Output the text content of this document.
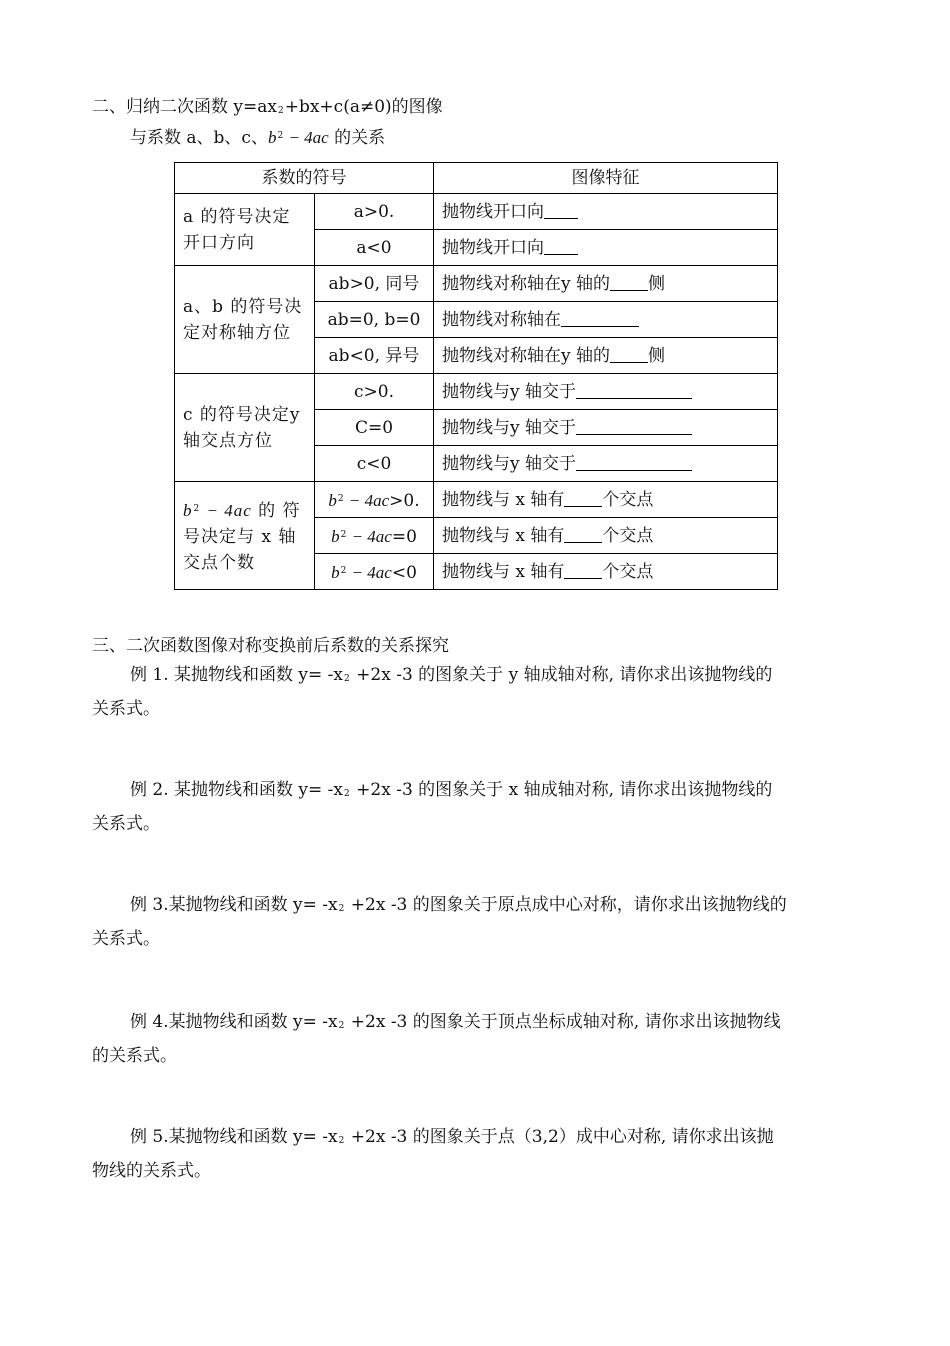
二、归纳二次函数 $y=ax_2+bx+c(a\ne 0)$的图像
与系数 a、b、c、$b^2 - 4ac$ 的关系
系数的符号		图像特征
a 的符号决定开口方向	a>0.	抛物线开口向
	a<0	抛物线开口向
a、b 的符号决定对称轴方位	ab>0, 同号	抛物线对称轴在y 轴的 侧
	ab=0, b=0	抛物线对称轴在
	ab<0, 异号	抛物线对称轴在y 轴的 侧
c 的符号决定y 轴交点方位	c>0.	抛物线与y 轴交于
	C=0	抛物线与y 轴交于
	c<0	抛物线与y 轴交于
$b^2 - 4ac$ 的 符号决定与 x 轴交点个数	$b^2 - 4ac>0$.	抛物线与 x 轴有 个交点
	$b^2 - 4ac=0$	抛物线与 x 轴有 个交点
	$b^2 - 4ac<0$	抛物线与 x 轴有 个交点
三、二次函数图像对称变换前后系数的关系探究
例 1. 某抛物线和函数 $y= -x_2 +2x$ -3 的图象关于 y 轴成轴对称, 请你求出该抛物线的
关系式。
例 2. 某抛物线和函数 $y= -x_2 +2x$ -3 的图象关于 x 轴成轴对称, 请你求出该抛物线的
关系式。
例 3.某抛物线和函数 $y= -x_2 +2x$ -3 的图象关于原点成中心对称，请你求出该抛物线的
关系式。
例 4.某抛物线和函数 $y= -x_2 +2x$ -3 的图象关于顶点坐标成轴对称, 请你求出该抛物线
的关系式。
例 5.某抛物线和函数 $y= -x_2 +2x$ -3 的图象关于点（3,2）成中心对称, 请你求出该抛
物线的关系式。
